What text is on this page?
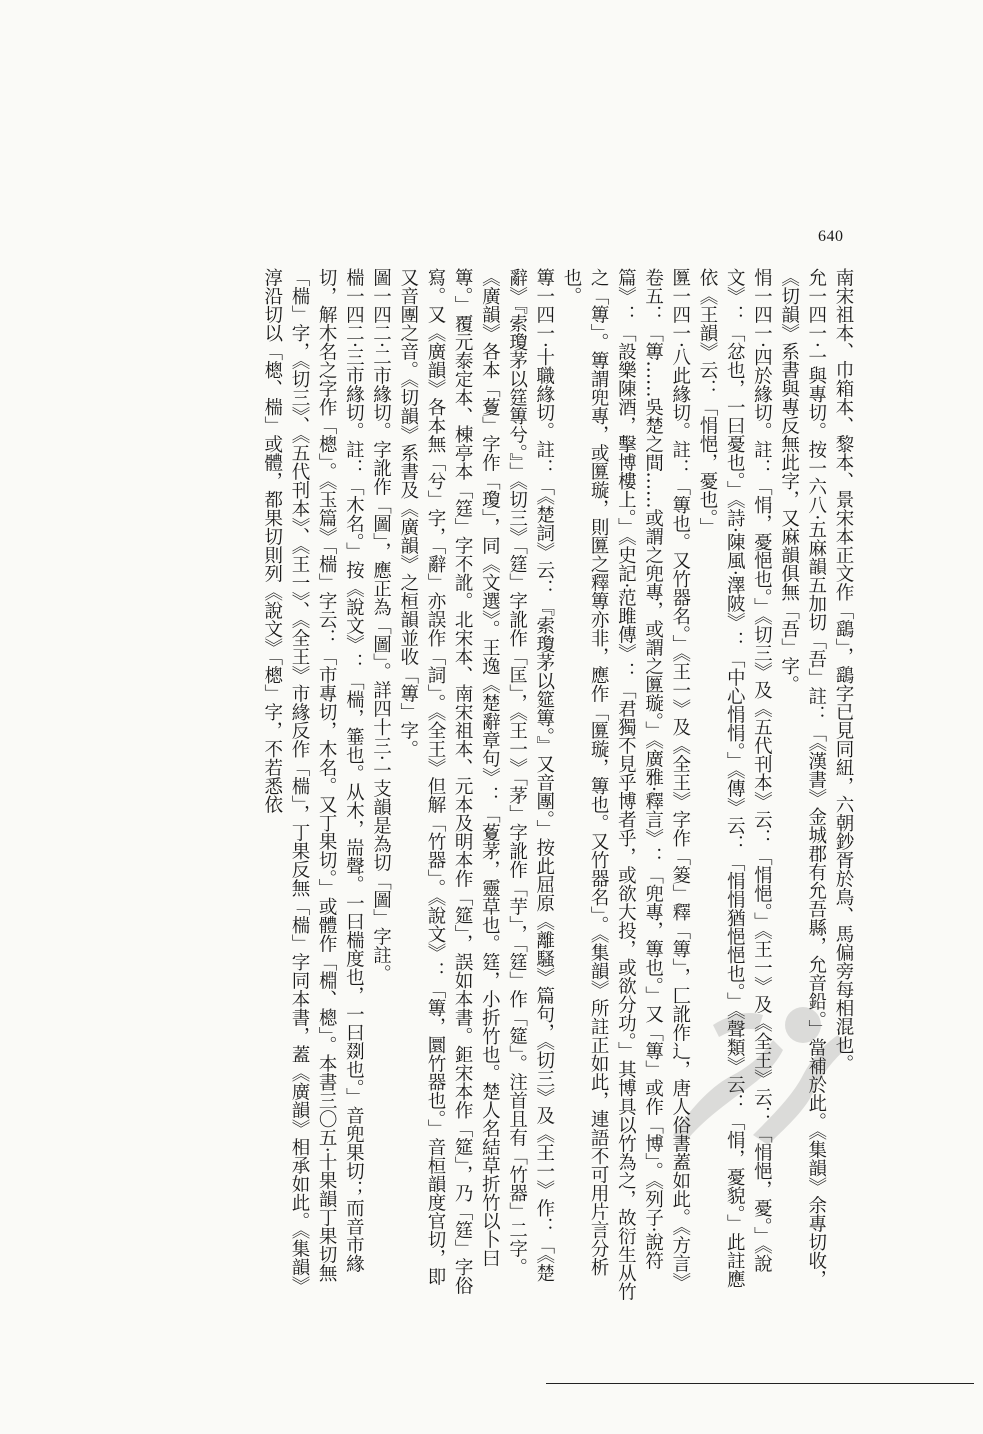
640

南宋祖本、巾箱本、黎本、景宋本正文作「鷂」，鷂字已見同紐，六朝鈔胥於鳥、馬偏旁每相混也。

允一四一·一與專切。按一六八·五麻韻五加切「吾」註：「《漢書》金城郡有允吾縣，允音鉛。」當補於此。《集韻》余專切收，《切韻》系書與專反無此字，又麻韻俱無「吾」字。

悁一四一·四於緣切。註：「悁，憂悒也。」《切三》及《五代刊本》云：「悁悒。」《王一》及《全王》云：「悁悒，憂。」《說文》：「忿也，一曰憂也。」《詩·陳風·澤陂》：「中心悁悁。」《傳》云：「悁悁猶悒悒也。」《聲類》云：「悁，憂貌。」此註應依《王韻》云：「悁悒，憂也。」

匴一四一·八此緣切。註：「篿也。又竹器名。」《王一》及《全王》字作「䈊」釋「篿」，匚訛作辶，唐人俗書蓋如此。《方言》卷五：「篿……吳楚之間……或謂之兜專，或謂之匴璇。」《廣雅·釋言》：「兜專，篿也。」又「篿」或作「博」。《列子·說符篇》：「設樂陳酒，擊博樓上。」《史記·范雎傳》：「君獨不見乎博者乎，或欲大投，或欲分功。」其博具以竹為之，故衍生从竹之「篿」。篿謂兜專，或匴璇，則匴之釋篿亦非，應作「匴璇，篿也。又竹器名」。《集韻》所註正如此，連語不可用片言分析也。

篿一四一·十職緣切。註：「《楚詞》云：『索瓊茅以筵篿。』又音團。」按此屈原《離騷》篇句，《切三》及《王一》作：「《楚辭》『索瓊茅以筳篿兮。』」《切三》「筳」字訛作「匡」，《王一》「茅」字訛作「芋」，「筳」作「筵」。注首且有「竹器」二字。《廣韻》各本「藑」字作「瓊」，同《文選》。王逸《楚辭章句》：「藑茅，靈草也。筳，小折竹也。楚人名結草折竹以卜曰篿。」覆元泰定本、棟亭本「筳」字不訛。北宋本、南宋祖本、元本及明本作「筵」，誤如本書。鉅宋本作「筵」，乃「筳」字俗寫。又《廣韻》各本無「兮」字，「辭」亦誤作「詞」。《全王》但解「竹器」。《說文》：「篿，圜竹器也。」音桓韻度官切，即又音團之音。《切韻》系書及《廣韻》之桓韻並收「篿」字。

圖一四二·二市緣切。字訛作「圖」，應正為「圖」。詳四十三·一支韻是為切「圖」字註。

椯一四二·三市緣切。註：「木名。」按《說文》：「椯，箠也。从木，耑聲。一曰椯度也，一曰剟也。」音兜果切；而音市緣切，解木名之字作「樬」。《玉篇》「椯」字云：「市專切，木名。又丁果切。」或體作「棩、樬」。本書三〇五·十果韻丁果切無「椯」字，《切三》、《五代刊本》、《王一》、《全王》市緣反作「椯」，丁果反無「椯」字同本書，蓋《廣韻》相承如此。《集韻》淳沿切以「樬、椯」或體，都果切則列《說文》「樬」字，不若悉依
